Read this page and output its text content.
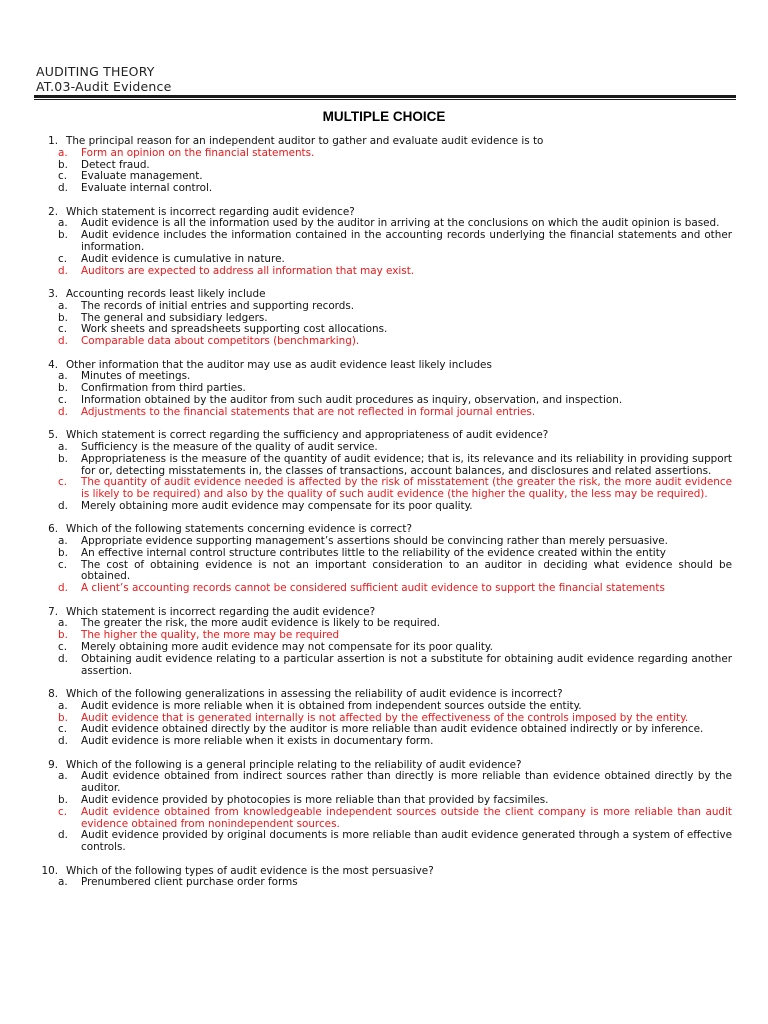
AUDITING THEORY
AT.03-Audit Evidence
MULTIPLE CHOICE
1. The principal reason for an independent auditor to gather and evaluate audit evidence is to
a.	Form an opinion on the financial statements.
b.	Detect fraud.
c.	Evaluate management.
d.	Evaluate internal control.
2. Which statement is incorrect regarding audit evidence?
a.	Audit evidence is all the information used by the auditor in arriving at the conclusions on which the audit opinion is based.
b.	Audit evidence includes the information contained in the accounting records underlying the financial statements and other information.
c.	Audit evidence is cumulative in nature.
d.	Auditors are expected to address all information that may exist.
3. Accounting records least likely include
a.	The records of initial entries and supporting records.
b.	The general and subsidiary ledgers.
c.	Work sheets and spreadsheets supporting cost allocations.
d.	Comparable data about competitors (benchmarking).
4. Other information that the auditor may use as audit evidence least likely includes
a.	Minutes of meetings.
b.	Confirmation from third parties.
c.	Information obtained by the auditor from such audit procedures as inquiry, observation, and inspection.
d.	Adjustments to the financial statements that are not reflected in formal journal entries.
5. Which statement is correct regarding the sufficiency and appropriateness of audit evidence?
a.	Sufficiency is the measure of the quality of audit service.
b.	Appropriateness is the measure of the quantity of audit evidence; that is, its relevance and its reliability in providing support for or, detecting misstatements in, the classes of transactions, account balances, and disclosures and related assertions.
c.	The quantity of audit evidence needed is affected by the risk of misstatement (the greater the risk, the more audit evidence is likely to be required) and also by the quality of such audit evidence (the higher the quality, the less may be required).
d.	Merely obtaining more audit evidence may compensate for its poor quality.
6. Which of the following statements concerning evidence is correct?
a.	Appropriate evidence supporting management’s assertions should be convincing rather than merely persuasive.
b.	An effective internal control structure contributes little to the reliability of the evidence created within the entity
c.	The cost of obtaining evidence is not an important consideration to an auditor in deciding what evidence should be obtained.
d.	A client’s accounting records cannot be considered sufficient audit evidence to support the financial statements
7. Which statement is incorrect regarding the audit evidence?
a.	The greater the risk, the more audit evidence is likely to be required.
b.	The higher the quality, the more may be required
c.	Merely obtaining more audit evidence may not compensate for its poor quality.
d.	Obtaining audit evidence relating to a particular assertion is not a substitute for obtaining audit evidence regarding another assertion.
8. Which of the following generalizations in assessing the reliability of audit evidence is incorrect?
a.	Audit evidence is more reliable when it is obtained from independent sources outside the entity.
b.	Audit evidence that is generated internally is not affected by the effectiveness of the controls imposed by the entity.
c.	Audit evidence obtained directly by the auditor is more reliable than audit evidence obtained indirectly or by inference.
d.	Audit evidence is more reliable when it exists in documentary form.
9. Which of the following is a general principle relating to the reliability of audit evidence?
a.	Audit evidence obtained from indirect sources rather than directly is more reliable than evidence obtained directly by the auditor.
b.	Audit evidence provided by photocopies is more reliable than that provided by facsimiles.
c.	Audit evidence obtained from knowledgeable independent sources outside the client company is more reliable than audit evidence obtained from nonindependent sources.
d.	Audit evidence provided by original documents is more reliable than audit evidence generated through a system of effective controls.
10. Which of the following types of audit evidence is the most persuasive?
a.	Prenumbered client purchase order forms
